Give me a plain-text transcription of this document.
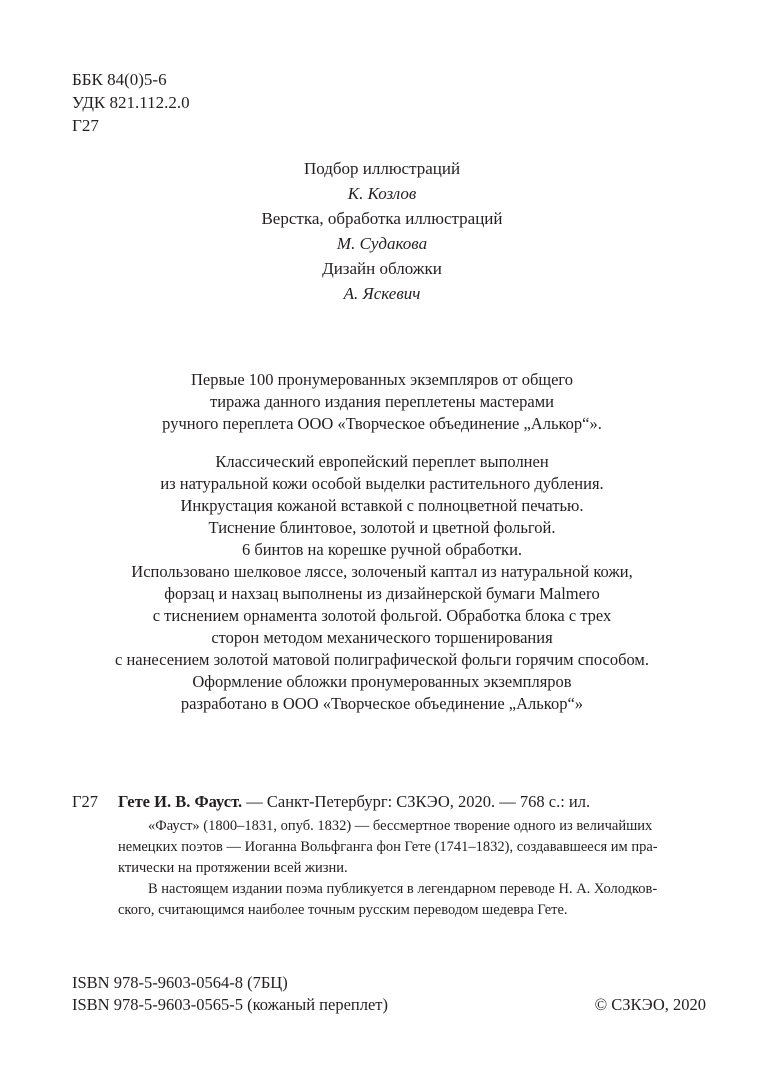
ББК 84(0)5-6
УДК 821.112.2.0
Г27
Подбор иллюстраций
К. Козлов
Верстка, обработка иллюстраций
М. Судакова
Дизайн обложки
А. Яскевич
Первые 100 пронумерованных экземпляров от общего
тиража данного издания переплетены мастерами
ручного переплета ООО «Творческое объединение „Алькор“».
Классический европейский переплет выполнен
из натуральной кожи особой выделки растительного дубления.
Инкрустация кожаной вставкой с полноцветной печатью.
Тиснение блинтовое, золотой и цветной фольгой.
6 бинтов на корешке ручной обработки.
Использовано шелковое ляссе, золоченый каптал из натуральной кожи,
форзац и нахзац выполнены из дизайнерской бумаги Malmero
с тиснением орнамента золотой фольгой. Обработка блока с трех
сторон методом механического торшенирования
с нанесением золотой матовой полиграфической фольги горячим способом.
Оформление обложки пронумерованных экземпляров
разработано в ООО «Творческое объединение „Алькор“»
Г27 Гете И. В. Фауст. — Санкт-Петербург: СЗКЭО, 2020. — 768 с.: ил.
«Фауст» (1800–1831, опуб. 1832) — бессмертное творение одного из величайших
немецких поэтов — Иоганна Вольфганга фон Гете (1741–1832), создававшееся им пра-
ктически на протяжении всей жизни.
В настоящем издании поэма публикуется в легендарном переводе Н. А. Холодков-
ского, считающимся наиболее точным русским переводом шедевра Гете.
ISBN 978-5-9603-0564-8 (7БЦ)
ISBN 978-5-9603-0565-5 (кожаный переплет)	© СЗКЭО, 2020
